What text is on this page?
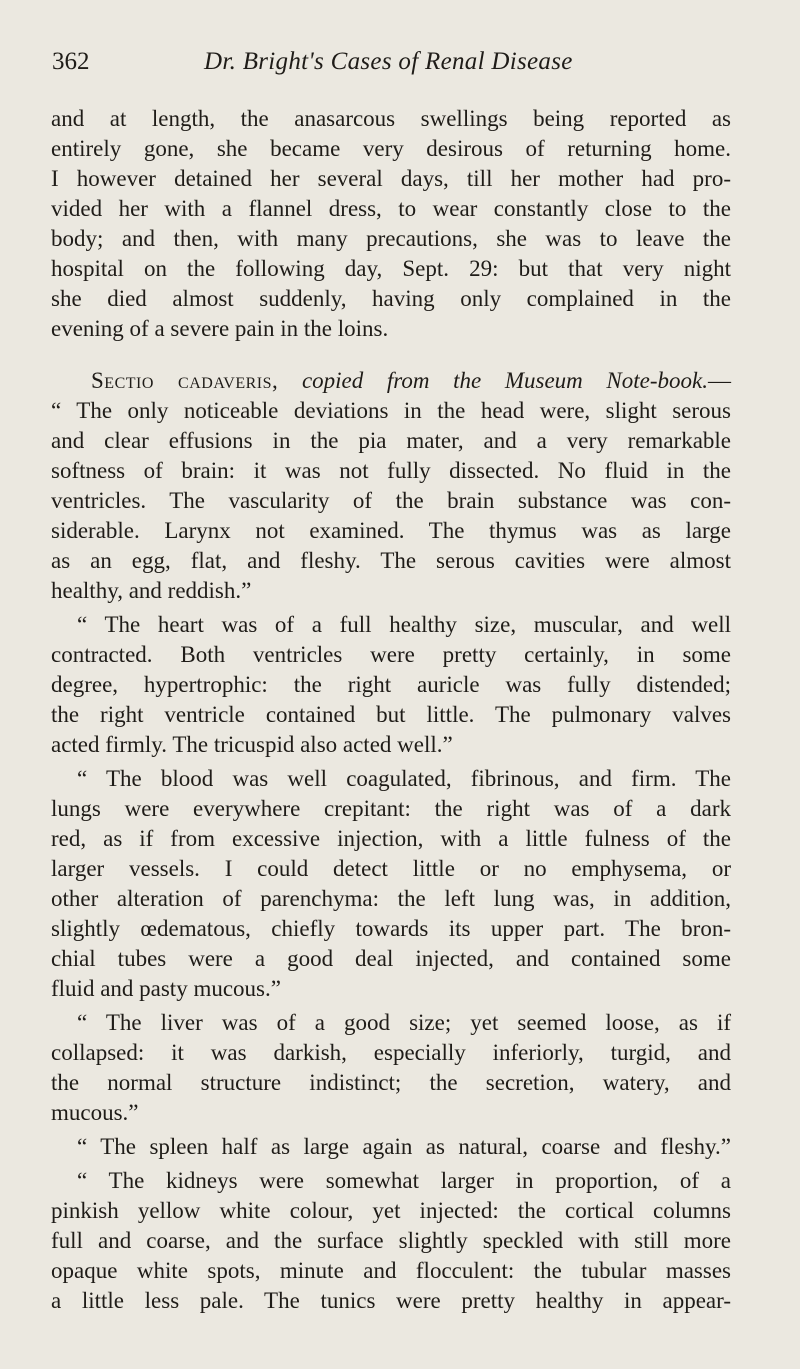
362	Dr. Bright's Cases of Renal Disease

and at length, the anasarcous swellings being reported as
entirely gone, she became very desirous of returning home.
I however detained her several days, till her mother had pro-
vided her with a flannel dress, to wear constantly close to the
body; and then, with many precautions, she was to leave the
hospital on the following day, Sept. 29: but that very night
she died almost suddenly, having only complained in the
evening of a severe pain in the loins.

Sectio cadaveris, copied from the Museum Note-book.—
“ The only noticeable deviations in the head were, slight serous
and clear effusions in the pia mater, and a very remarkable
softness of brain: it was not fully dissected. No fluid in the
ventricles. The vascularity of the brain substance was con-
siderable. Larynx not examined. The thymus was as large
as an egg, flat, and fleshy. The serous cavities were almost
healthy, and reddish.”

“ The heart was of a full healthy size, muscular, and well
contracted. Both ventricles were pretty certainly, in some
degree, hypertrophic: the right auricle was fully distended;
the right ventricle contained but little. The pulmonary valves
acted firmly. The tricuspid also acted well.”

“ The blood was well coagulated, fibrinous, and firm. The
lungs were everywhere crepitant: the right was of a dark
red, as if from excessive injection, with a little fulness of the
larger vessels. I could detect little or no emphysema, or
other alteration of parenchyma: the left lung was, in addition,
slightly œdematous, chiefly towards its upper part. The bron-
chial tubes were a good deal injected, and contained some
fluid and pasty mucous.”

“ The liver was of a good size; yet seemed loose, as if
collapsed: it was darkish, especially inferiorly, turgid, and
the normal structure indistinct; the secretion, watery, and
mucous.”

“ The spleen half as large again as natural, coarse and fleshy.”

“ The kidneys were somewhat larger in proportion, of a
pinkish yellow white colour, yet injected: the cortical columns
full and coarse, and the surface slightly speckled with still more
opaque white spots, minute and flocculent: the tubular masses
a little less pale. The tunics were pretty healthy in appear-
